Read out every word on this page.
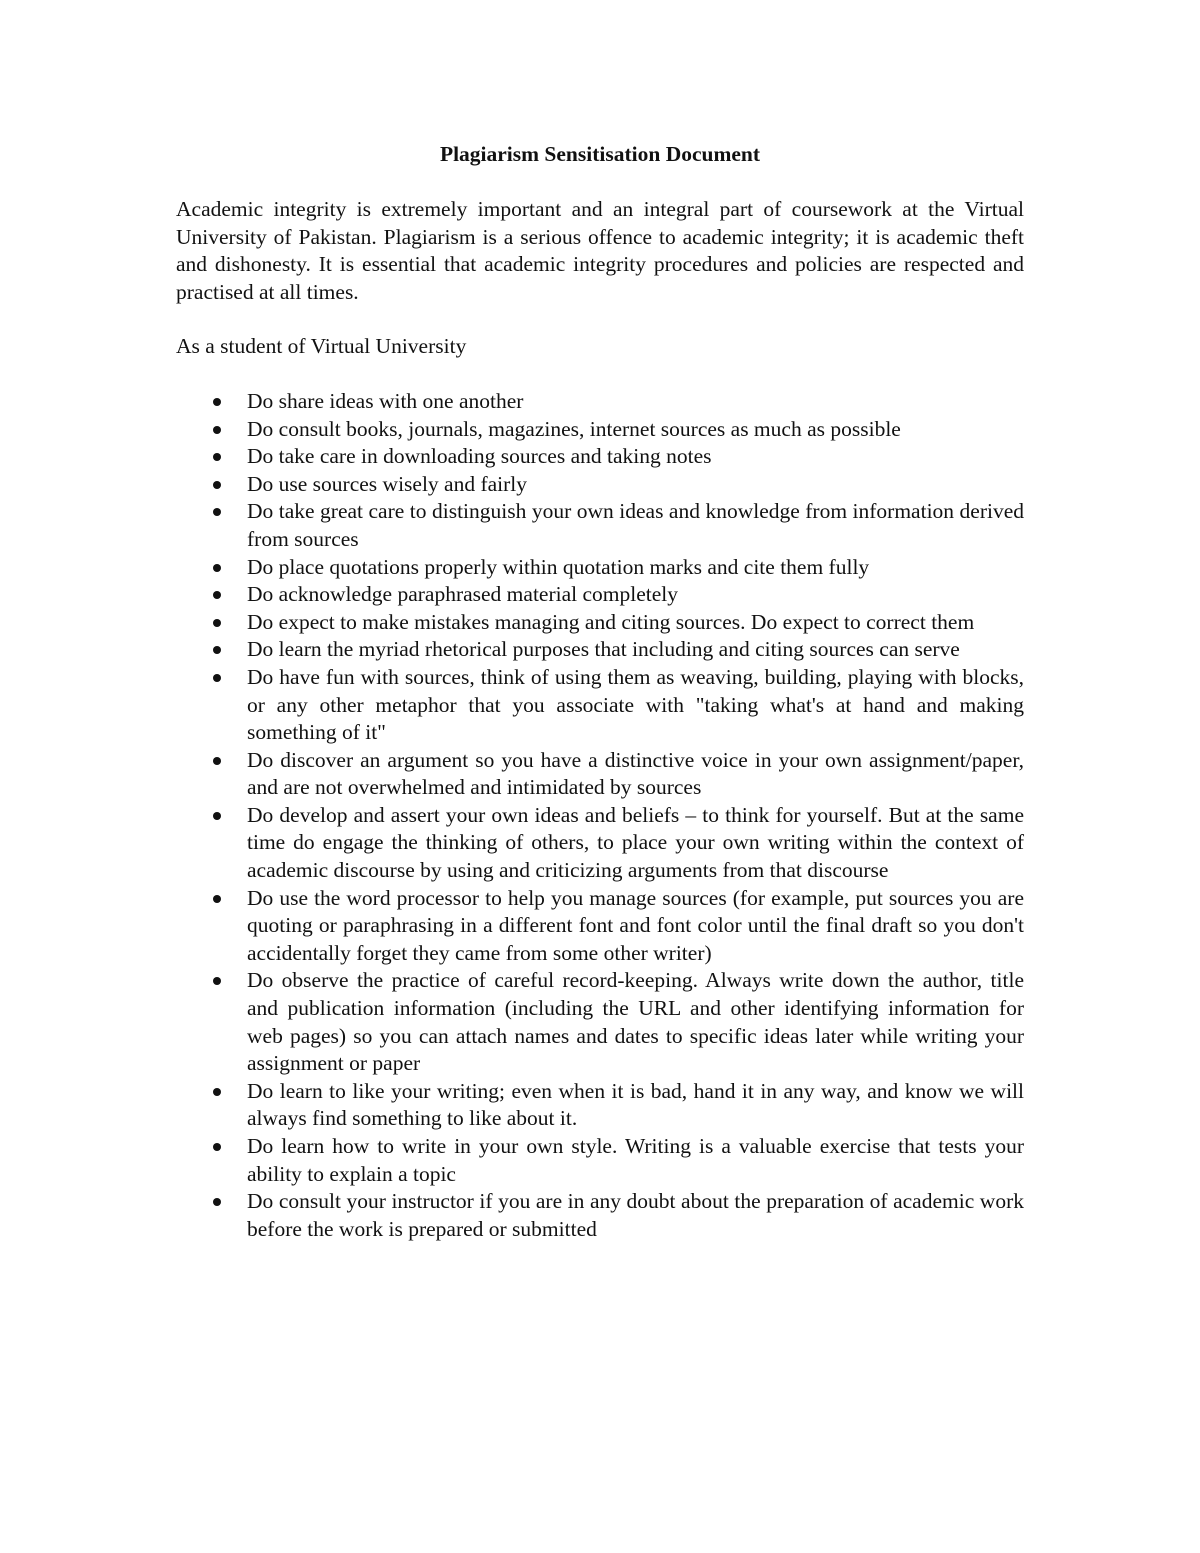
Plagiarism Sensitisation Document

Academic integrity is extremely important and an integral part of coursework at the Virtual University of Pakistan. Plagiarism is a serious offence to academic integrity; it is academic theft and dishonesty. It is essential that academic integrity procedures and policies are respected and practised at all times.

As a student of Virtual University

Do share ideas with one another
Do consult books, journals, magazines, internet sources as much as possible
Do take care in downloading sources and taking notes
Do use sources wisely and fairly
Do take great care to distinguish your own ideas and knowledge from information derived from sources
Do place quotations properly within quotation marks and cite them fully
Do acknowledge paraphrased material completely
Do expect to make mistakes managing and citing sources. Do expect to correct them
Do learn the myriad rhetorical purposes that including and citing sources can serve
Do have fun with sources, think of using them as weaving, building, playing with blocks, or any other metaphor that you associate with "taking what's at hand and making something of it"
Do discover an argument so you have a distinctive voice in your own assignment/paper, and are not overwhelmed and intimidated by sources
Do develop and assert your own ideas and beliefs – to think for yourself. But at the same time do engage the thinking of others, to place your own writing within the context of academic discourse by using and criticizing arguments from that discourse
Do use the word processor to help you manage sources (for example, put sources you are quoting or paraphrasing in a different font and font color until the final draft so you don't accidentally forget they came from some other writer)
Do observe the practice of careful record-keeping. Always write down the author, title and publication information (including the URL and other identifying information for web pages) so you can attach names and dates to specific ideas later while writing your assignment or paper
Do learn to like your writing; even when it is bad, hand it in any way, and know we will always find something to like about it.
Do learn how to write in your own style. Writing is a valuable exercise that tests your ability to explain a topic
Do consult your instructor if you are in any doubt about the preparation of academic work before the work is prepared or submitted
